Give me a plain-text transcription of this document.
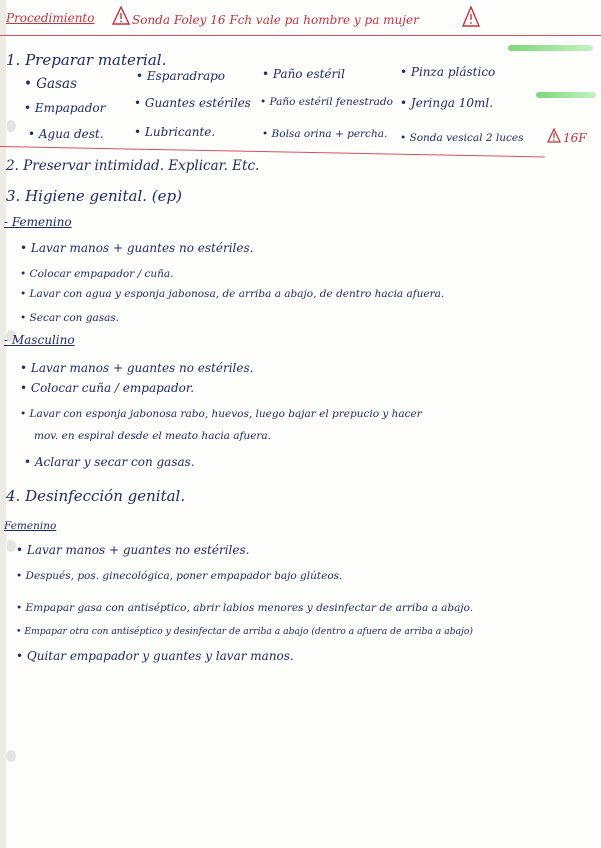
Procedimiento	Sonda Foley 16 Fch vale pa hombre y pa mujer
1. Preparar material.
• Gasas
• Empapador
• Agua dest.
• Esparadrapo
• Guantes estériles
• Lubricante.
• Paño estéril
• Paño estéril fenestrado
• Bolsa orina + percha.
• Pinza plástico
• Jeringa 10ml.
• Sonda vesical 2 luces	16F
2. Preservar intimidad. Explicar. Etc.
3. Higiene genital. (ep)
- Femenino
• Lavar manos + guantes no estériles.
• Colocar empapador / cuña.
• Lavar con agua y esponja jabonosa, de arriba a abajo, de dentro hacia afuera.
• Secar con gasas.
- Masculino
• Lavar manos + guantes no estériles.
• Colocar cuña / empapador.
• Lavar con esponja jabonosa rabo, huevos, luego bajar el prepucio y hacer
mov. en espiral desde el meato hacia afuera.
• Aclarar y secar con gasas.
4. Desinfección genital.
Femenino
• Lavar manos + guantes no estériles.
• Después, pos. ginecológica, poner empapador bajo glúteos.
• Empapar gasa con antiséptico, abrir labios menores y desinfectar de arriba a abajo.
• Empapar otra con antiséptico y desinfectar de arriba a abajo (dentro a afuera de arriba a abajo)
• Quitar empapador y guantes y lavar manos.
